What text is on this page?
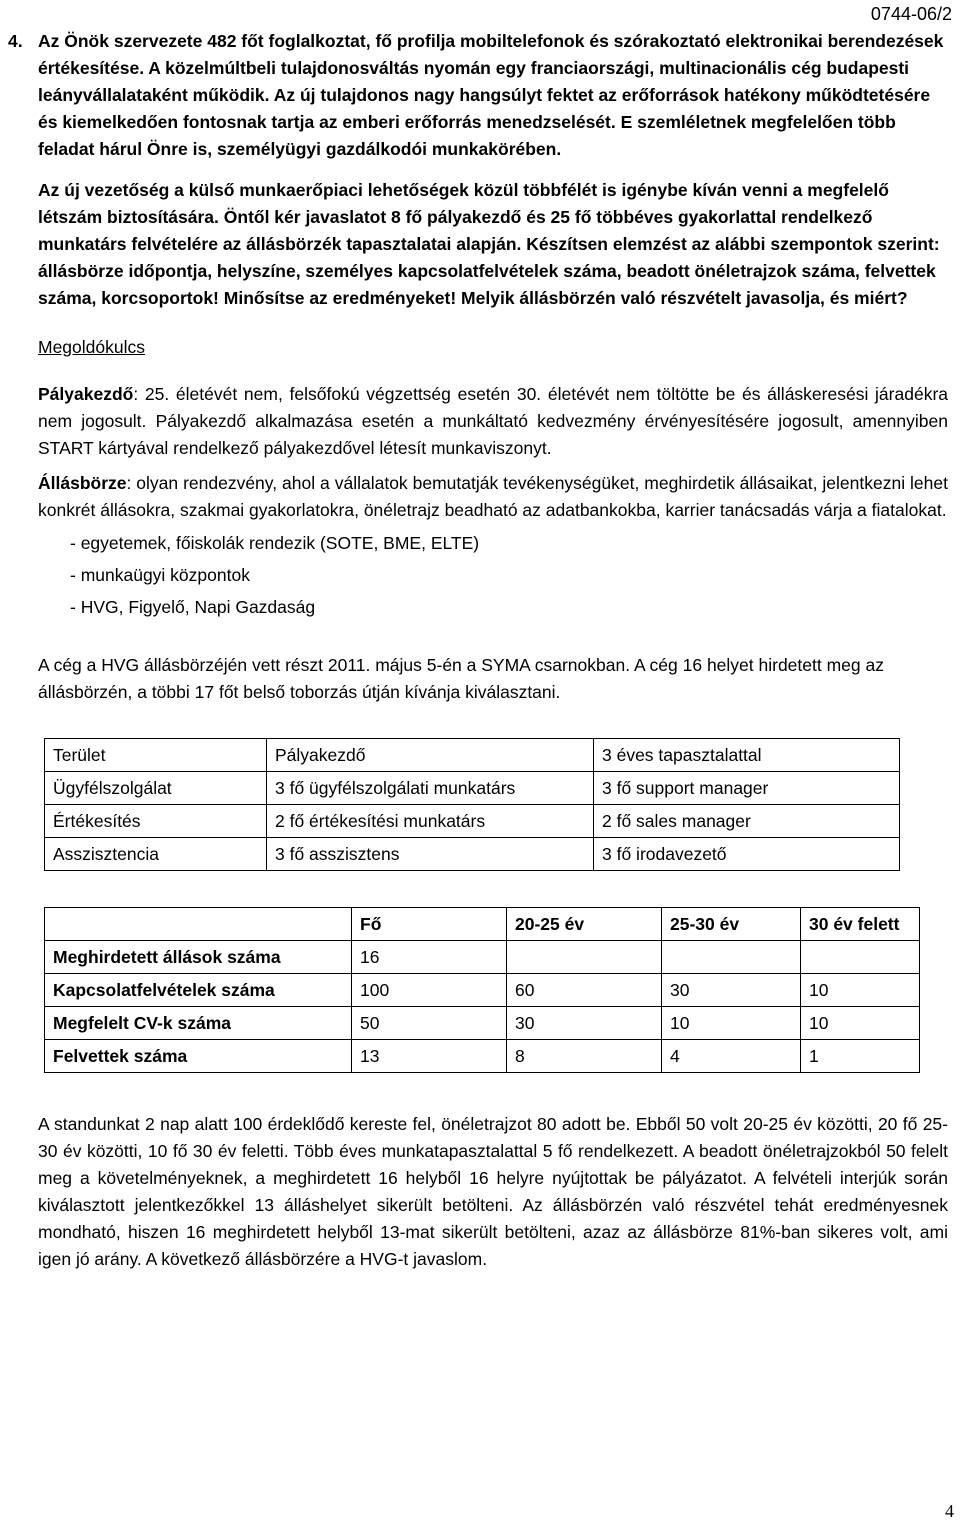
0744-06/2
4. Az Önök szervezete 482 főt foglalkoztat, fő profilja mobiltelefonok és szórakoztató elektronikai berendezések értékesítése. A közelmúltbeli tulajdonosváltás nyomán egy franciaországi, multinacionális cég budapesti leányvállalataként működik. Az új tulajdonos nagy hangsúlyt fektet az erőforrások hatékony működtetésére és kiemelkedően fontosnak tartja az emberi erőforrás menedzselését. E szemléletnek megfelelően több feladat hárul Önre is, személyügyi gazdálkodói munkakörében.

Az új vezetőség a külső munkaerőpiaci lehetőségek közül többfélét is igénybe kíván venni a megfelelő létszám biztosítására. Öntől kér javaslatot 8 fő pályakezdő és 25 fő többéves gyakorlattal rendelkező munkatárs felvételére az állásbörzék tapasztalatai alapján. Készítsen elemzést az alábbi szempontok szerint: állásbörze időpontja, helyszíne, személyes kapcsolatfelvételek száma, beadott önéletrajzok száma, felvettek száma, korcsoportok! Minősítse az eredményeket! Melyik állásbörzén való részvételt javasolja, és miért?

Megoldókulcs

Pályakezdő: 25. életévét nem, felsőfokú végzettség esetén 30. életévét nem töltötte be és álláskeresési járadékra nem jogosult. Pályakezdő alkalmazása esetén a munkáltató kedvezmény érvényesítésére jogosult, amennyiben START kártyával rendelkező pályakezdővel létesít munkaviszonyt.

Állásbörze: olyan rendezvény, ahol a vállalatok bemutatják tevékenységüket, meghirdetik állásaikat, jelentkezni lehet konkrét állásokra, szakmai gyakorlatokra, önéletrajz beadható az adatbankokba, karrier tanácsadás várja a fiatalokat.

- egyetemek, főiskolák rendezik (SOTE, BME, ELTE)

- munkaügyi központok

- HVG, Figyelő, Napi Gazdaság

A cég a HVG állásbörzéjén vett részt 2011. május 5-én a SYMA csarnokban. A cég 16 helyet hirdetett meg az állásbörzén, a többi 17 főt belső toborzás útján kívánja kiválasztani.

Terület	Pályakezdő	3 éves tapasztalattal
Ügyfélszolgálat	3 fő ügyfélszolgálati munkatárs	3 fő support manager
Értékesítés	2 fő értékesítési munkatárs	2 fő sales manager
Asszisztencia	3 fő asszisztens	3 fő irodavezető
	Fő	20-25 év	25-30 év	30 év felett
Meghirdetett állások száma	16			
Kapcsolatfelvételek száma	100	60	30	10
Megfelelt CV-k száma	50	30	10	10
Felvettek száma	13	8	4	1

A standunkat 2 nap alatt 100 érdeklődő kereste fel, önéletrajzot 80 adott be. Ebből 50 volt 20-25 év közötti, 20 fő 25-30 év közötti, 10 fő 30 év feletti. Több éves munkatapasztalattal 5 fő rendelkezett. A beadott önéletrajzokból 50 felelt meg a követelményeknek, a meghirdetett 16 helyből 16 helyre nyújtottak be pályázatot. A felvételi interjúk során kiválasztott jelentkezőkkel 13 álláshelyet sikerült betölteni. Az állásbörzén való részvétel tehát eredményesnek mondható, hiszen 16 meghirdetett helyből 13-mat sikerült betölteni, azaz az állásbörze 81%-ban sikeres volt, ami igen jó arány. A következő állásbörzére a HVG-t javaslom.

4
